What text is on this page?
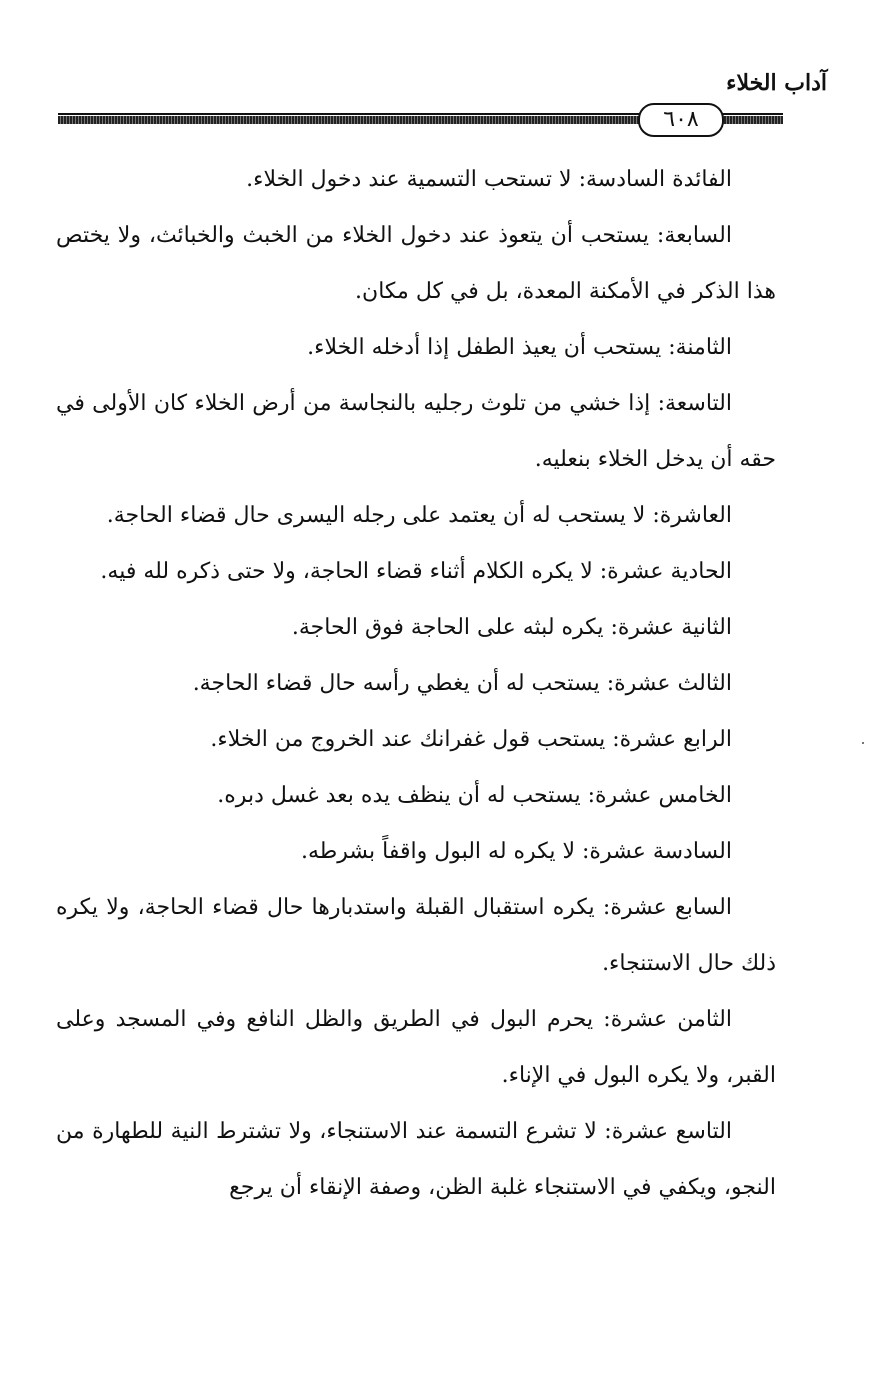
آداب الخلاء
٦٠٨

الفائدة السادسة: لا تستحب التسمية عند دخول الخلاء.

السابعة: يستحب أن يتعوذ عند دخول الخلاء من الخبث والخبائث، ولا يختص هذا الذكر في الأمكنة المعدة، بل في كل مكان.

الثامنة: يستحب أن يعيذ الطفل إذا أدخله الخلاء.

التاسعة: إذا خشي من تلوث رجليه بالنجاسة من أرض الخلاء كان الأولى في حقه أن يدخل الخلاء بنعليه.

العاشرة: لا يستحب له أن يعتمد على رجله اليسرى حال قضاء الحاجة.

الحادية عشرة: لا يكره الكلام أثناء قضاء الحاجة، ولا حتى ذكره لله فيه.

الثانية عشرة: يكره لبثه على الحاجة فوق الحاجة.

الثالث عشرة: يستحب له أن يغطي رأسه حال قضاء الحاجة.

الرابع عشرة: يستحب قول غفرانك عند الخروج من الخلاء.

الخامس عشرة: يستحب له أن ينظف يده بعد غسل دبره.

السادسة عشرة: لا يكره له البول واقفاً بشرطه.

السابع عشرة: يكره استقبال القبلة واستدبارها حال قضاء الحاجة، ولا يكره ذلك حال الاستنجاء.

الثامن عشرة: يحرم البول في الطريق والظل النافع وفي المسجد وعلى القبر، ولا يكره البول في الإناء.

التاسع عشرة: لا تشرع التسمة عند الاستنجاء، ولا تشترط النية للطهارة من النجو، ويكفي في الاستنجاء غلبة الظن، وصفة الإنقاء أن يرجع
